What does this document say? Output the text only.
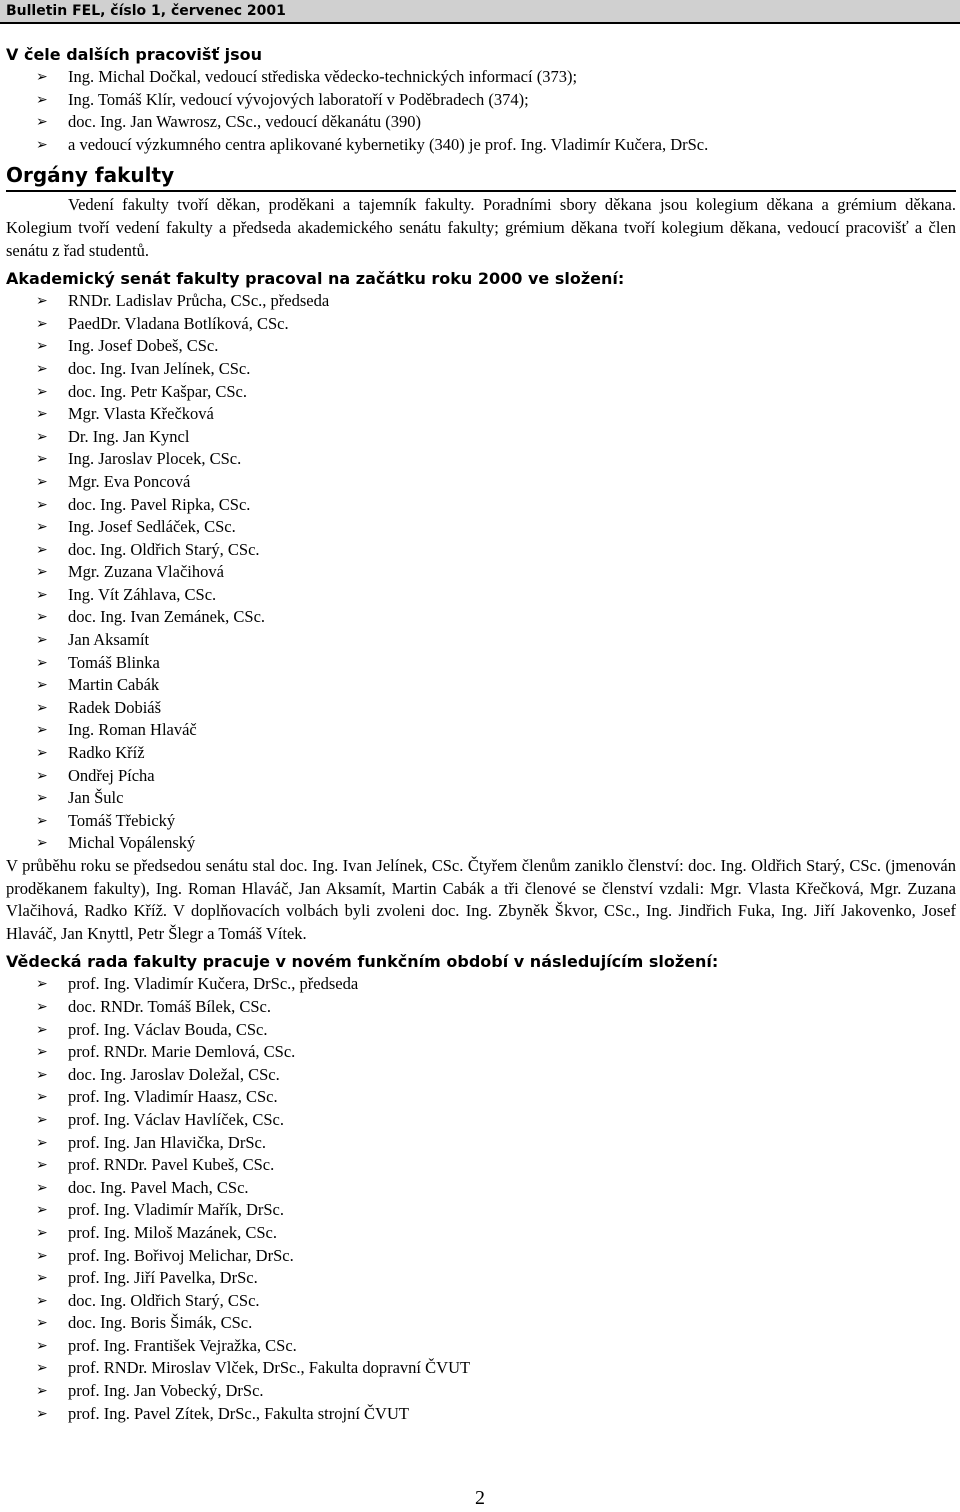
Bulletin FEL, číslo 1, červenec 2001
V čele dalších pracovišť jsou
➢ Ing. Michal Dočkal, vedoucí střediska vědecko-technických informací (373);
➢ Ing. Tomáš Klír, vedoucí vývojových laboratoří v Poděbradech (374);
➢ doc. Ing. Jan Wawrosz, CSc., vedoucí děkanátu (390)
➢ a vedoucí výzkumného centra aplikované kybernetiky (340) je prof. Ing. Vladimír Kučera, DrSc.
Orgány fakulty

Vedení fakulty tvoří děkan, proděkani a tajemník fakulty. Poradními sbory děkana jsou kolegium děkana a grémium děkana. Kolegium tvoří vedení fakulty a předseda akademického senátu fakulty; grémium děkana tvoří kolegium děkana, vedoucí pracovišť a člen senátu z řad studentů.

Akademický senát fakulty pracoval na začátku roku 2000 ve složení:
➢ RNDr. Ladislav Průcha, CSc., předseda
➢ PaedDr. Vladana Botlíková, CSc.
➢ Ing. Josef Dobeš, CSc.
➢ doc. Ing. Ivan Jelínek, CSc.
➢ doc. Ing. Petr Kašpar, CSc.
➢ Mgr. Vlasta Křečková
➢ Dr. Ing. Jan Kyncl
➢ Ing. Jaroslav Plocek, CSc.
➢ Mgr. Eva Poncová
➢ doc. Ing. Pavel Ripka, CSc.
➢ Ing. Josef Sedláček, CSc.
➢ doc. Ing. Oldřich Starý, CSc.
➢ Mgr. Zuzana Vlačihová
➢ Ing. Vít Záhlava, CSc.
➢ doc. Ing. Ivan Zemánek, CSc.
➢ Jan Aksamít
➢ Tomáš Blinka
➢ Martin Cabák
➢ Radek Dobiáš
➢ Ing. Roman Hlaváč
➢ Radko Kříž
➢ Ondřej Pícha
➢ Jan Šulc
➢ Tomáš Třebický
➢ Michal Vopálenský

V průběhu roku se předsedou senátu stal doc. Ing. Ivan Jelínek, CSc. Čtyřem členům zaniklo členství: doc. Ing. Oldřich Starý, CSc. (jmenován proděkanem fakulty), Ing. Roman Hlaváč, Jan Aksamít, Martin Cabák a tři členové se členství vzdali: Mgr. Vlasta Křečková, Mgr. Zuzana Vlačihová, Radko Kříž. V doplňovacích volbách byli zvoleni doc. Ing. Zbyněk Škvor, CSc., Ing. Jindřich Fuka, Ing. Jiří Jakovenko, Josef Hlaváč, Jan Knyttl, Petr Šlegr a Tomáš Vítek.

Vědecká rada fakulty pracuje v novém funkčním období v následujícím složení:
➢ prof. Ing. Vladimír Kučera, DrSc., předseda
➢ doc. RNDr. Tomáš Bílek, CSc.
➢ prof. Ing. Václav Bouda, CSc.
➢ prof. RNDr. Marie Demlová, CSc.
➢ doc. Ing. Jaroslav Doležal, CSc.
➢ prof. Ing. Vladimír Haasz, CSc.
➢ prof. Ing. Václav Havlíček, CSc.
➢ prof. Ing. Jan Hlavička, DrSc.
➢ prof. RNDr. Pavel Kubeš, CSc.
➢ doc. Ing. Pavel Mach, CSc.
➢ prof. Ing. Vladimír Mařík, DrSc.
➢ prof. Ing. Miloš Mazánek, CSc.
➢ prof. Ing. Bořivoj Melichar, DrSc.
➢ prof. Ing. Jiří Pavelka, DrSc.
➢ doc. Ing. Oldřich Starý, CSc.
➢ doc. Ing. Boris Šimák, CSc.
➢ prof. Ing. František Vejražka, CSc.
➢ prof. RNDr. Miroslav Vlček, DrSc., Fakulta dopravní ČVUT
➢ prof. Ing. Jan Vobecký, DrSc.
➢ prof. Ing. Pavel Zítek, DrSc., Fakulta strojní ČVUT
2
